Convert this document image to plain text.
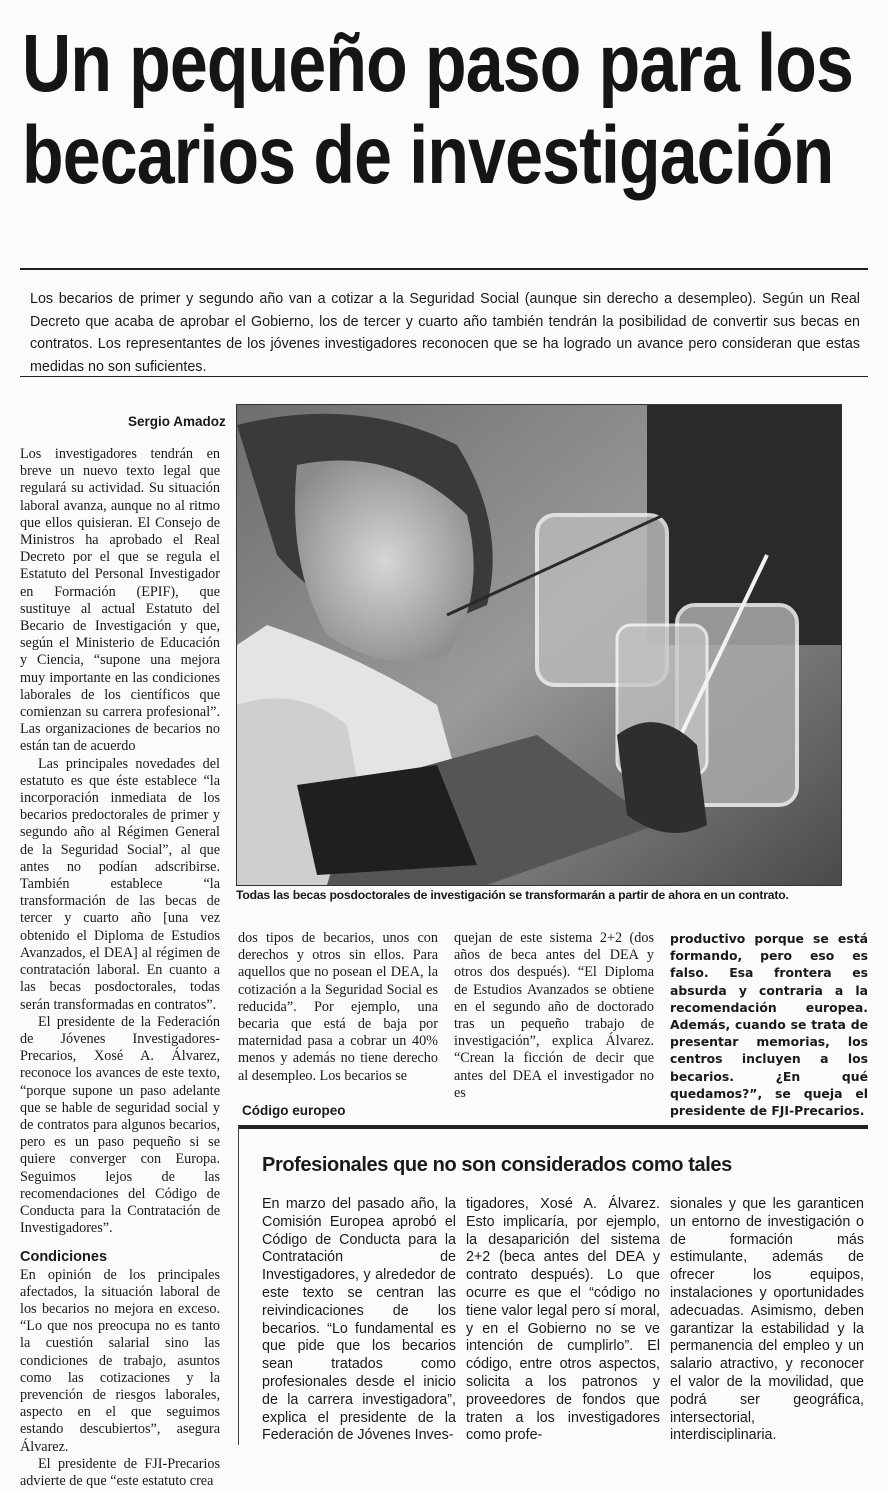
Un pequeño paso para los
becarios de investigación
Los becarios de primer y segundo año van a cotizar a la Seguridad Social (aunque sin derecho a desempleo). Según un Real Decreto que acaba de aprobar el Gobierno, los de tercer y cuarto año también tendrán la posibilidad de convertir sus becas en contratos. Los representantes de los jóvenes investigadores reconocen que se ha logrado un avance pero consideran que estas medidas no son suficientes.
Sergio Amadoz

Los investigadores tendrán en breve un nuevo texto legal que regulará su actividad. Su situación laboral avanza, aunque no al ritmo que ellos quisieran. El Consejo de Ministros ha aprobado el Real Decreto por el que se regula el Estatuto del Personal Investigador en Formación (EPIF), que sustituye al actual Estatuto del Becario de Investigación y que, según el Ministerio de Educación y Ciencia, “supone una mejora muy importante en las condiciones laborales de los científicos que comienzan su carrera profesional”. Las organizaciones de becarios no están tan de acuerdo

Las principales novedades del estatuto es que éste establece “la incorporación inmediata de los becarios predoctorales de primer y segundo año al Régimen General de la Seguridad Social”, al que antes no podían adscribirse. También establece “la transformación de las becas de tercer y cuarto año [una vez obtenido el Diploma de Estudios Avanzados, el DEA] al régimen de contratación laboral. En cuanto a las becas posdoctorales, todas serán transformadas en contratos”.

El presidente de la Federación de Jóvenes Investigadores-Precarios, Xosé A. Álvarez, reconoce los avances de este texto, “porque supone un paso adelante que se hable de seguridad social y de contratos para algunos becarios, pero es un paso pequeño si se quiere converger con Europa. Seguimos lejos de las recomendaciones del Código de Conducta para la Contratación de Investigadores”.

Condiciones

En opinión de los principales afectados, la situación laboral de los becarios no mejora en exceso. “Lo que nos preocupa no es tanto la cuestión salarial sino las condiciones de trabajo, asuntos como las cotizaciones y la prevención de riesgos laborales, aspecto en el que seguimos estando descubiertos”, asegura Álvarez.

El presidente de FJI-Precarios advierte de que “este estatuto crea

Todas las becas posdoctorales de investigación se transformarán a partir de ahora en un contrato.
dos tipos de becarios, unos con derechos y otros sin ellos. Para aquellos que no posean el DEA, la cotización a la Seguridad Social es reducida”. Por ejemplo, una becaria que está de baja por maternidad pasa a cobrar un 40% menos y además no tiene derecho al desempleo. Los becarios se
quejan de este sistema 2+2 (dos años de beca antes del DEA y otros dos después). “El Diploma de Estudios Avanzados se obtiene en el segundo año de doctorado tras un pequeño trabajo de investigación”, explica Álvarez. “Crean la ficción de decir que antes del DEA el investigador no es
productivo porque se está formando, pero eso es falso. Esa frontera es absurda y contraria a la recomendación europea. Además, cuando se trata de presentar memorias, los centros incluyen a los becarios. ¿En qué quedamos?”, se queja el presidente de FJI-Precarios.
Código europeo
Profesionales que no son considerados como tales
En marzo del pasado año, la Comisión Europea aprobó el Código de Conducta para la Contratación de Investigadores, y alrededor de este texto se centran las reivindicaciones de los becarios. “Lo fundamental es que pide que los becarios sean tratados como profesionales desde el inicio de la carrera investigadora”, explica el presidente de la Federación de Jóvenes Inves-
tigadores, Xosé A. Álvarez. Esto implicaría, por ejemplo, la desaparición del sistema 2+2 (beca antes del DEA y contrato después). Lo que ocurre es que el “código no tiene valor legal pero sí moral, y en el Gobierno no se ve intención de cumplirlo”. El código, entre otros aspectos, solicita a los patronos y proveedores de fondos que traten a los investigadores como profe-
sionales y que les garanticen un entorno de investigación o de formación más estimulante, además de ofrecer los equipos, instalaciones y oportunidades adecuadas. Asimismo, deben garantizar la estabilidad y la permanencia del empleo y un salario atractivo, y reconocer el valor de la movilidad, que podrá ser geográfica, intersectorial, interdisciplinaria.
